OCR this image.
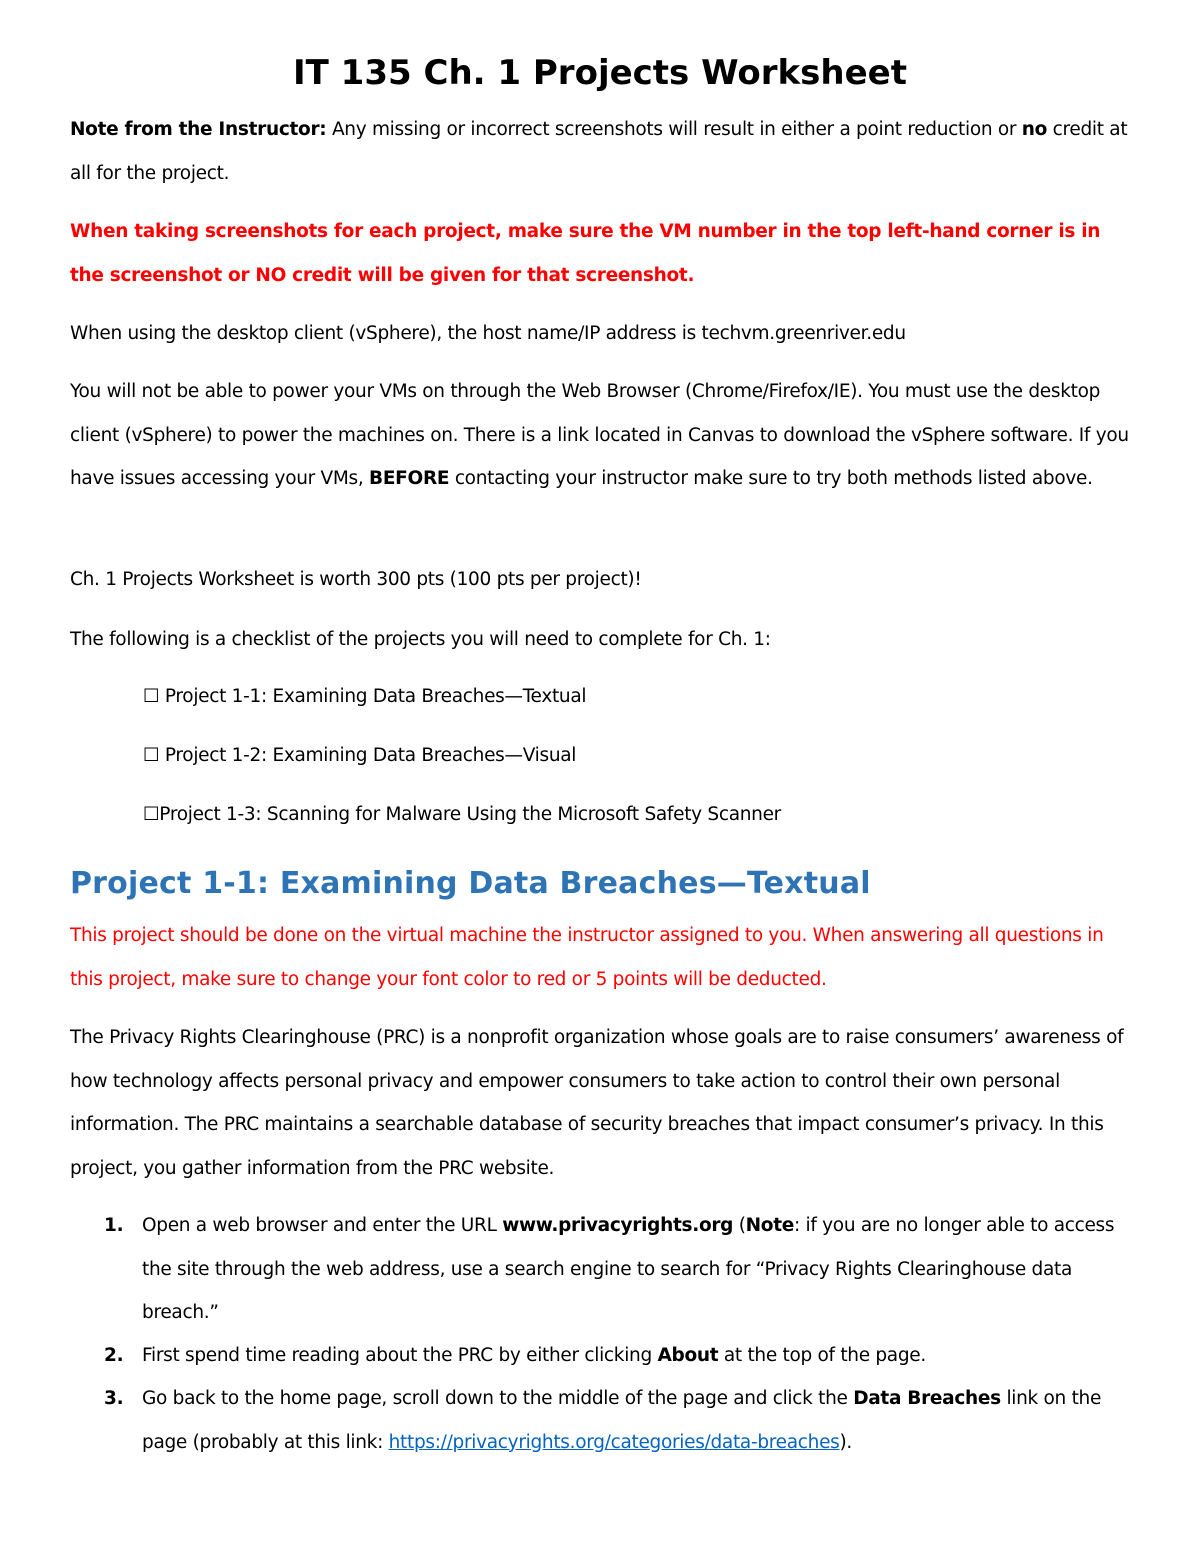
IT 135 Ch. 1 Projects Worksheet

Note from the Instructor: Any missing or incorrect screenshots will result in either a point reduction or no credit at all for the project.

When taking screenshots for each project, make sure the VM number in the top left-hand corner is in the screenshot or NO credit will be given for that screenshot.

When using the desktop client (vSphere), the host name/IP address is techvm.greenriver.edu

You will not be able to power your VMs on through the Web Browser (Chrome/Firefox/IE). You must use the desktop client (vSphere) to power the machines on. There is a link located in Canvas to download the vSphere software. If you have issues accessing your VMs, BEFORE contacting your instructor make sure to try both methods listed above.

Ch. 1 Projects Worksheet is worth 300 pts (100 pts per project)!

The following is a checklist of the projects you will need to complete for Ch. 1:

☐ Project 1-1: Examining Data Breaches—Textual
☐ Project 1-2: Examining Data Breaches—Visual
☐Project 1-3: Scanning for Malware Using the Microsoft Safety Scanner
Project 1-1: Examining Data Breaches—Textual

This project should be done on the virtual machine the instructor assigned to you. When answering all questions in this project, make sure to change your font color to red or 5 points will be deducted.

The Privacy Rights Clearinghouse (PRC) is a nonprofit organization whose goals are to raise consumers’ awareness of how technology affects personal privacy and empower consumers to take action to control their own personal information. The PRC maintains a searchable database of security breaches that impact consumer’s privacy. In this project, you gather information from the PRC website.

1. Open a web browser and enter the URL www.privacyrights.org (Note: if you are no longer able to access the site through the web address, use a search engine to search for “Privacy Rights Clearinghouse data breach.”
2. First spend time reading about the PRC by either clicking About at the top of the page.
3. Go back to the home page, scroll down to the middle of the page and click the Data Breaches link on the page (probably at this link: https://privacyrights.org/categories/data-breaches).
